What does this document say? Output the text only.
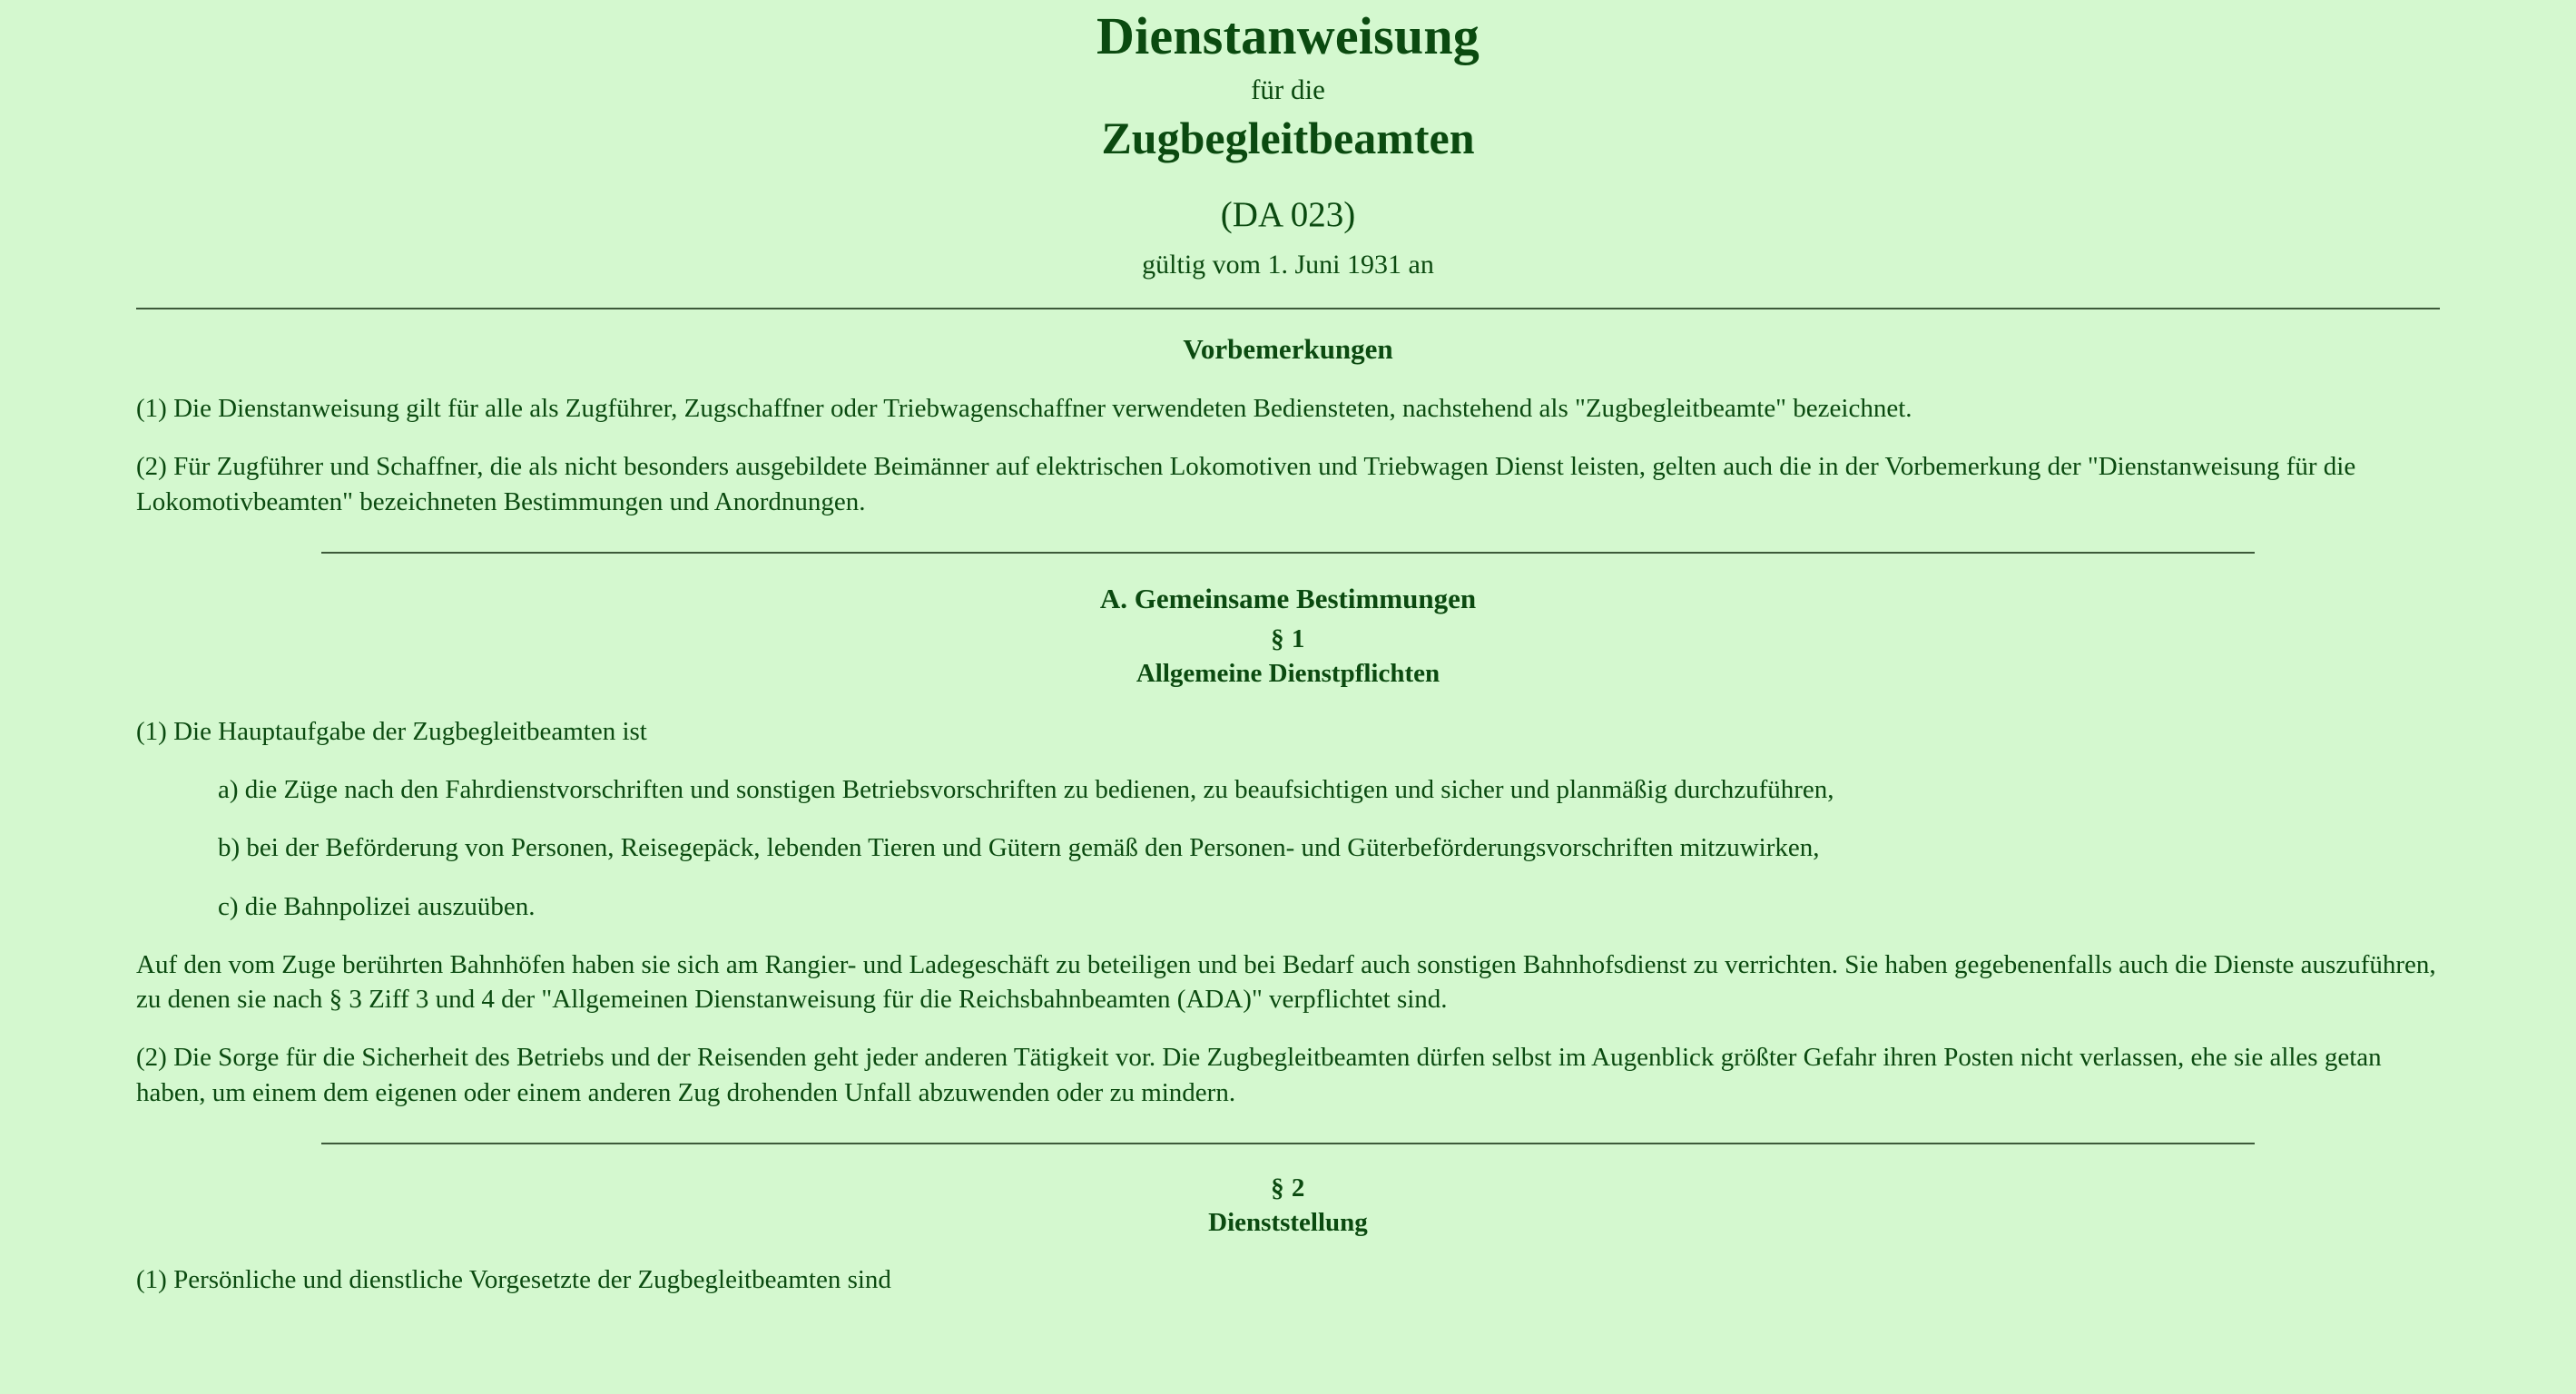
Dienstanweisung

für die

Zugbegleitbeamten

(DA 023)

gültig vom 1. Juni 1931 an

Vorbemerkungen

(1) Die Dienstanweisung gilt für alle als Zugführer, Zugschaffner oder Triebwagenschaffner verwendeten Bediensteten, nachstehend als "Zugbegleitbeamte" bezeichnet.

(2) Für Zugführer und Schaffner, die als nicht besonders ausgebildete Beimänner auf elektrischen Lokomotiven und Triebwagen Dienst leisten, gelten auch die in der Vorbemerkung der "Dienstanweisung für die Lokomotivbeamten" bezeichneten Bestimmungen und Anordnungen.

A. Gemeinsame Bestimmungen
§ 1
Allgemeine Dienstpflichten

(1) Die Hauptaufgabe der Zugbegleitbeamten ist

a) die Züge nach den Fahrdienstvorschriften und sonstigen Betriebsvorschriften zu bedienen, zu beaufsichtigen und sicher und planmäßig durchzuführen,

b) bei der Beförderung von Personen, Reisegepäck, lebenden Tieren und Gütern gemäß den Personen- und Güterbeförderungsvorschriften mitzuwirken,

c) die Bahnpolizei auszuüben.

Auf den vom Zuge berührten Bahnhöfen haben sie sich am Rangier- und Ladegeschäft zu beteiligen und bei Bedarf auch sonstigen Bahnhofsdienst zu verrichten. Sie haben gegebenenfalls auch die Dienste auszuführen, zu denen sie nach § 3 Ziff 3 und 4 der "Allgemeinen Dienstanweisung für die Reichsbahnbeamten (ADA)" verpflichtet sind.

(2) Die Sorge für die Sicherheit des Betriebs und der Reisenden geht jeder anderen Tätigkeit vor. Die Zugbegleitbeamten dürfen selbst im Augenblick größter Gefahr ihren Posten nicht verlassen, ehe sie alles getan haben, um einem dem eigenen oder einem anderen Zug drohenden Unfall abzuwenden oder zu mindern.

§ 2
Dienststellung

(1) Persönliche und dienstliche Vorgesetzte der Zugbegleitbeamten sind
